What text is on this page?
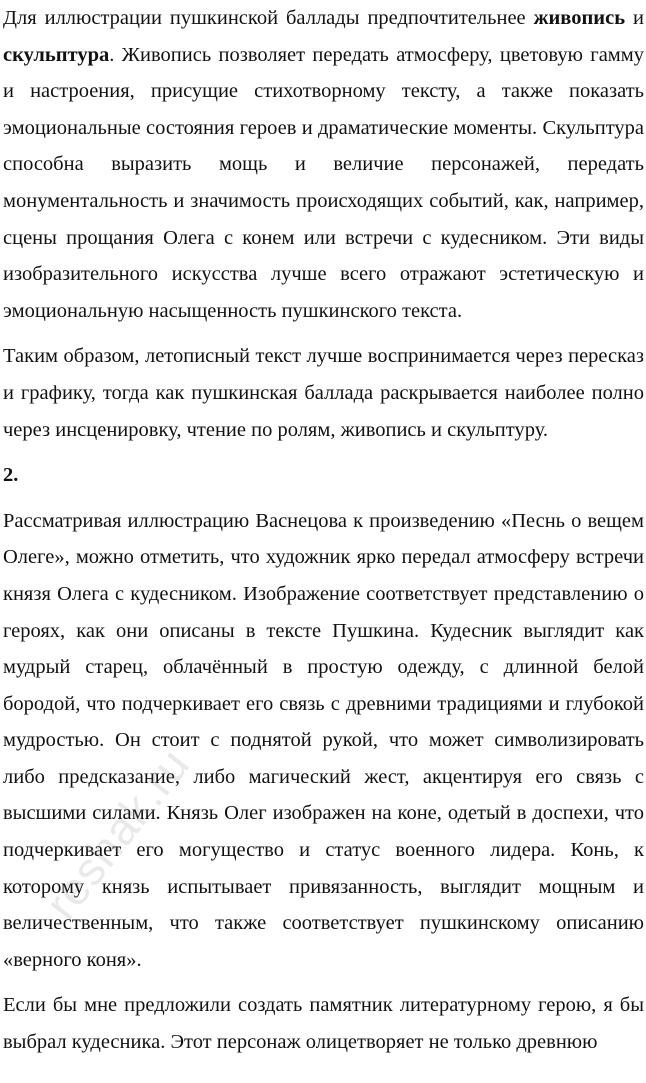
Для иллюстрации пушкинской баллады предпочтительнее живопись и скульптура. Живопись позволяет передать атмосферу, цветовую гамму и настроения, присущие стихотворному тексту, а также показать эмоциональные состояния героев и драматические моменты. Скульптура способна выразить мощь и величие персонажей, передать монументальность и значимость происходящих событий, как, например, сцены прощания Олега с конем или встречи с кудесником. Эти виды изобразительного искусства лучше всего отражают эстетическую и эмоциональную насыщенность пушкинского текста.

Таким образом, летописный текст лучше воспринимается через пересказ и графику, тогда как пушкинская баллада раскрывается наиболее полно через инсценировку, чтение по ролям, живопись и скульптуру.

2.

Рассматривая иллюстрацию Васнецова к произведению «Песнь о вещем Олеге», можно отметить, что художник ярко передал атмосферу встречи князя Олега с кудесником. Изображение соответствует представлению о героях, как они описаны в тексте Пушкина. Кудесник выглядит как мудрый старец, облачённый в простую одежду, с длинной белой бородой, что подчеркивает его связь с древними традициями и глубокой мудростью. Он стоит с поднятой рукой, что может символизировать либо предсказание, либо магический жест, акцентируя его связь с высшими силами. Князь Олег изображен на коне, одетый в доспехи, что подчеркивает его могущество и статус военного лидера. Конь, к которому князь испытывает привязанность, выглядит мощным и величественным, что также соответствует пушкинскому описанию «верного коня».

Если бы мне предложили создать памятник литературному герою, я бы выбрал кудесника. Этот персонаж олицетворяет не только древнюю

reshak.ru
